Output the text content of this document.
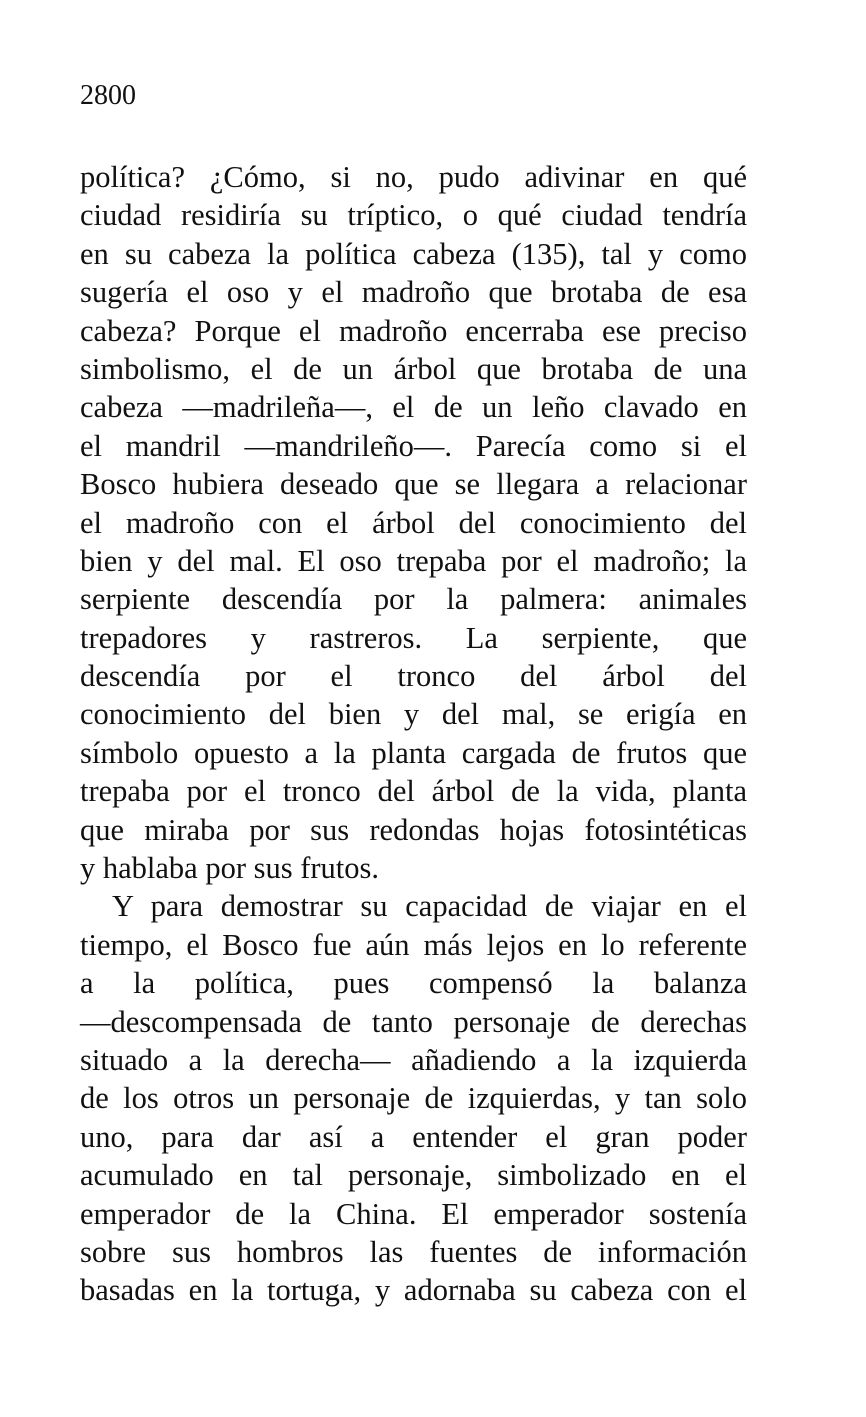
2800
política? ¿Cómo, si no, pudo adivinar en qué
ciudad residiría su tríptico, o qué ciudad tendría
en su cabeza la política cabeza (135), tal y como
sugería el oso y el madroño que brotaba de esa
cabeza? Porque el madroño encerraba ese preciso
simbolismo, el de un árbol que brotaba de una
cabeza —madrileña—, el de un leño clavado en
el mandril —mandrileño—. Parecía como si el
Bosco hubiera deseado que se llegara a relacionar
el madroño con el árbol del conocimiento del
bien y del mal. El oso trepaba por el madroño; la
serpiente descendía por la palmera: animales
trepadores y rastreros. La serpiente, que
descendía por el tronco del árbol del
conocimiento del bien y del mal, se erigía en
símbolo opuesto a la planta cargada de frutos que
trepaba por el tronco del árbol de la vida, planta
que miraba por sus redondas hojas fotosintéticas
y hablaba por sus frutos.
Y para demostrar su capacidad de viajar en el
tiempo, el Bosco fue aún más lejos en lo referente
a la política, pues compensó la balanza
—descompensada de tanto personaje de derechas
situado a la derecha— añadiendo a la izquierda
de los otros un personaje de izquierdas, y tan solo
uno, para dar así a entender el gran poder
acumulado en tal personaje, simbolizado en el
emperador de la China. El emperador sostenía
sobre sus hombros las fuentes de información
basadas en la tortuga, y adornaba su cabeza con el
